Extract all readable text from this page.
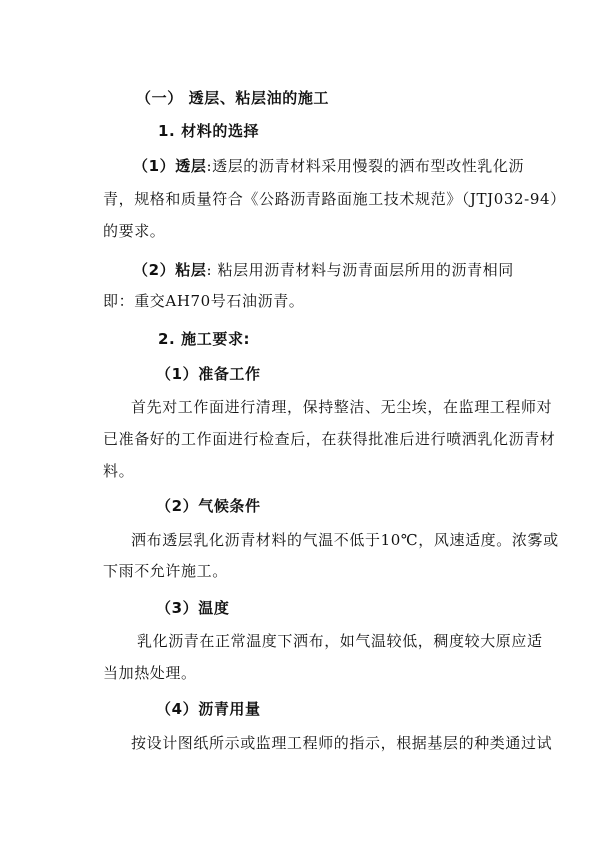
（一） 透层、粘层油的施工
1. 材料的选择
（1）透层:透层的沥青材料采用慢裂的洒布型改性乳化沥
青，规格和质量符合《公路沥青路面施工技术规范》（JTJ032-94）
的要求。
（2）粘层: 粘层用沥青材料与沥青面层所用的沥青相同
即：重交AH70号石油沥青。
2. 施工要求:
（1）准备工作
首先对工作面进行清理，保持整洁、无尘埃，在监理工程师对
已准备好的工作面进行检查后，在获得批准后进行喷洒乳化沥青材
料。
（2）气候条件
洒布透层乳化沥青材料的气温不低于10℃，风速适度。浓雾或
下雨不允许施工。
（3）温度
乳化沥青在正常温度下洒布，如气温较低，稠度较大原应适
当加热处理。
（4）沥青用量
按设计图纸所示或监理工程师的指示，根据基层的种类通过试
